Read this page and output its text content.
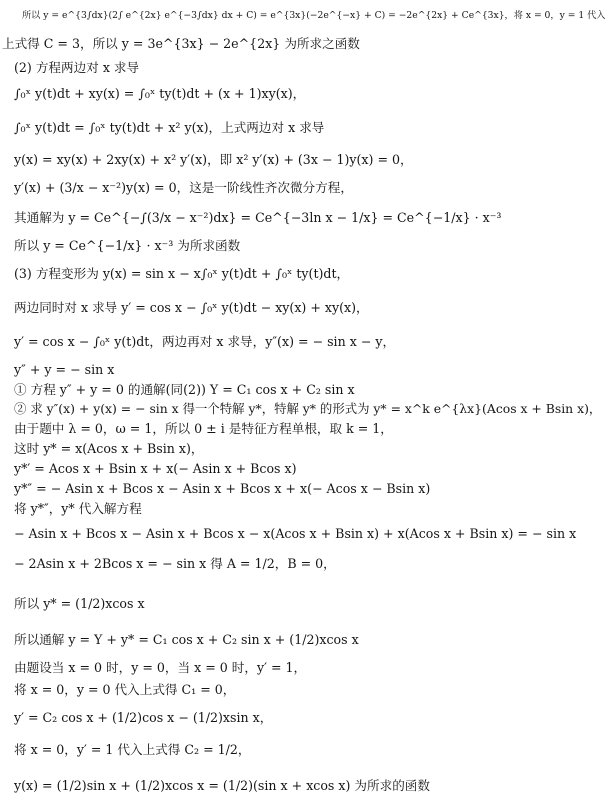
所以 y = e^{3∫dx}(2∫ e^{2x} e^{−3∫dx} dx + C) = e^{3x}(−2e^{−x} + C) = −2e^{2x} + Ce^{3x}，将 x = 0，y = 1 代入
上式得 C = 3，所以 y = 3e^{3x} − 2e^{2x} 为所求之函数
(2) 方程两边对 x 求导
∫₀ˣ y(t)dt + xy(x) = ∫₀ˣ ty(t)dt + (x + 1)xy(x)，
∫₀ˣ y(t)dt = ∫₀ˣ ty(t)dt + x² y(x)，上式两边对 x 求导
y(x) = xy(x) + 2xy(x) + x² y′(x)，即 x² y′(x) + (3x − 1)y(x) = 0，
y′(x) + (3/x − x⁻²)y(x) = 0，这是一阶线性齐次微分方程，
其通解为 y = Ce^{−∫(3/x − x⁻²)dx} = Ce^{−3ln x − 1/x} = Ce^{−1/x} · x⁻³
所以 y = Ce^{−1/x} · x⁻³ 为所求函数
(3) 方程变形为 y(x) = sin x − x∫₀ˣ y(t)dt + ∫₀ˣ ty(t)dt，
两边同时对 x 求导 y′ = cos x − ∫₀ˣ y(t)dt − xy(x) + xy(x)，
y′ = cos x − ∫₀ˣ y(t)dt，两边再对 x 求导，y″(x) = − sin x − y，
y″ + y = − sin x
① 方程 y″ + y = 0 的通解(同(2)) Y = C₁ cos x + C₂ sin x
② 求 y″(x) + y(x) = − sin x 得一个特解 y*，特解 y* 的形式为 y* = x^k e^{λx}(Acos x + Bsin x)，
由于题中 λ = 0，ω = 1，所以 0 ± i 是特征方程单根，取 k = 1，
这时 y* = x(Acos x + Bsin x)，
y*′ = Acos x + Bsin x + x(− Asin x + Bcos x)
y*″ = − Asin x + Bcos x − Asin x + Bcos x + x(− Acos x − Bsin x)
将 y*″，y* 代入解方程
− Asin x + Bcos x − Asin x + Bcos x − x(Acos x + Bsin x) + x(Acos x + Bsin x) = − sin x
− 2Asin x + 2Bcos x = − sin x 得 A = 1/2，B = 0，
所以 y* = (1/2)xcos x
所以通解 y = Y + y* = C₁ cos x + C₂ sin x + (1/2)xcos x
由题设当 x = 0 时，y = 0，当 x = 0 时，y′ = 1，
将 x = 0，y = 0 代入上式得 C₁ = 0，
y′ = C₂ cos x + (1/2)cos x − (1/2)xsin x，
将 x = 0，y′ = 1 代入上式得 C₂ = 1/2，
y(x) = (1/2)sin x + (1/2)xcos x = (1/2)(sin x + xcos x) 为所求的函数
